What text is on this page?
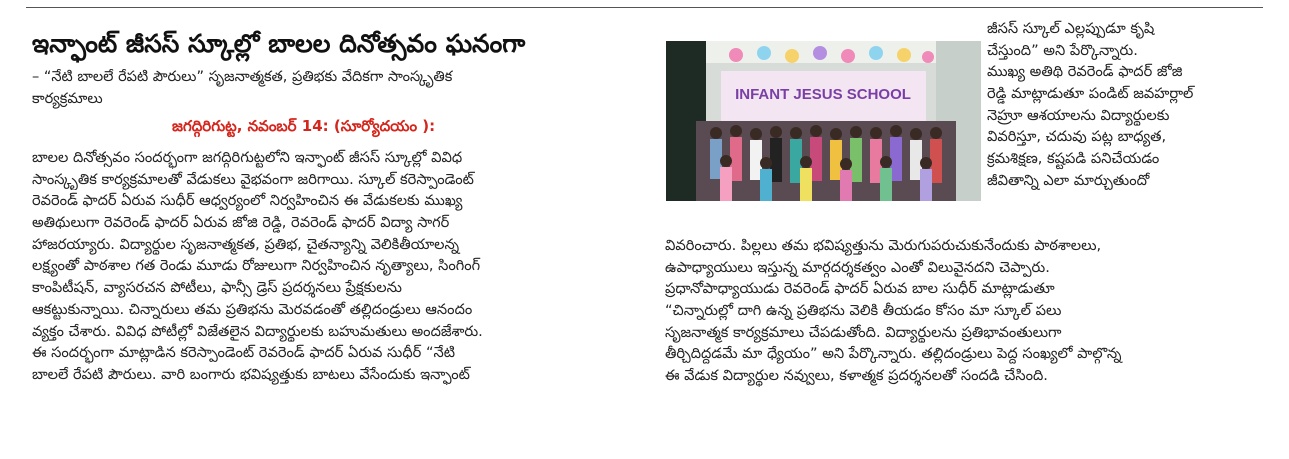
ఇన్ఫాంట్ జీసస్ స్కూల్లో బాలల దినోత్సవం ఘనంగా
– “నేటి బాలలే రేపటి పౌరులు” సృజనాత్మకత, ప్రతిభకు వేదికగా సాంస్కృతిక
కార్యక్రమాలు
జగద్గిరిగుట్ట, నవంబర్ 14: (సూర్యోదయం ):
బాలల దినోత్సవం సందర్భంగా జగద్గిరిగుట్టలోని ఇన్ఫాంట్ జీసస్ స్కూల్లో వివిధ
సాంస్కృతిక కార్యక్రమాలతో వేడుకలు వైభవంగా జరిగాయి. స్కూల్ కరెస్పాండెంట్
రెవరెండ్ ఫాదర్ ఏరువ సుధీర్ ఆధ్వర్యంలో నిర్వహించిన ఈ వేడుకలకు ముఖ్య
అతిథులుగా రెవరెండ్ ఫాదర్ ఏరువ జోజి రెడ్డి, రెవరెండ్ ఫాదర్ విద్యా సాగర్
హాజరయ్యారు. విద్యార్థుల సృజనాత్మకత, ప్రతిభ, చైతన్యాన్ని వెలికితీయాలన్న
లక్ష్యంతో పాఠశాల గత రెండు మూడు రోజులుగా నిర్వహించిన నృత్యాలు, సింగింగ్
కాంపిటీషన్, వ్యాసరచన పోటీలు, ఫాన్సీ డ్రెస్ ప్రదర్శనలు ప్రేక్షకులను
ఆకట్టుకున్నాయి. చిన్నారులు తమ ప్రతిభను మెరవడంతో తల్లిదండ్రులు ఆనందం
వ్యక్తం చేశారు. వివిధ పోటీల్లో విజేతలైన విద్యార్థులకు బహుమతులు అందజేశారు.
ఈ సందర్భంగా మాట్లాడిన కరెస్పాండెంట్ రెవరెండ్ ఫాదర్ ఏరువ సుధీర్ “నేటి
బాలలే రేపటి పౌరులు. వారి బంగారు భవిష్యత్తుకు బాటలు వేసేందుకు ఇన్ఫాంట్
INFANT JESUS SCHOOL
జీసస్ స్కూల్ ఎల్లప్పుడూ కృషి
చేస్తుంది” అని పేర్కొన్నారు.
ముఖ్య అతిథి రెవరెండ్ ఫాదర్ జోజి
రెడ్డి మాట్లాడుతూ పండిట్ జవహర్లాల్
నెహ్రూ ఆశయాలను విద్యార్థులకు
వివరిస్తూ, చదువు పట్ల బాధ్యత,
క్రమశిక్షణ, కష్టపడి పనిచేయడం
జీవితాన్ని ఎలా మార్చుతుందో
వివరించారు. పిల్లలు తమ భవిష్యత్తును మెరుగుపరుచుకునేందుకు పాఠశాలలు,
ఉపాధ్యాయులు ఇస్తున్న మార్గదర్శకత్వం ఎంతో విలువైనదని చెప్పారు.
ప్రధానోపాధ్యాయుడు రెవరెండ్ ఫాదర్ ఏరువ బాల సుధీర్ మాట్లాడుతూ
“చిన్నారుల్లో దాగి ఉన్న ప్రతిభను వెలికి తీయడం కోసం మా స్కూల్ పలు
సృజనాత్మక కార్యక్రమాలు చేపడుతోంది. విద్యార్థులను ప్రతిభావంతులుగా
తీర్చిదిద్దడమే మా ధ్యేయం” అని పేర్కొన్నారు. తల్లిదండ్రులు పెద్ద సంఖ్యలో పాల్గొన్న
ఈ వేడుక విద్యార్థుల నవ్వులు, కళాత్మక ప్రదర్శనలతో సందడి చేసింది.
